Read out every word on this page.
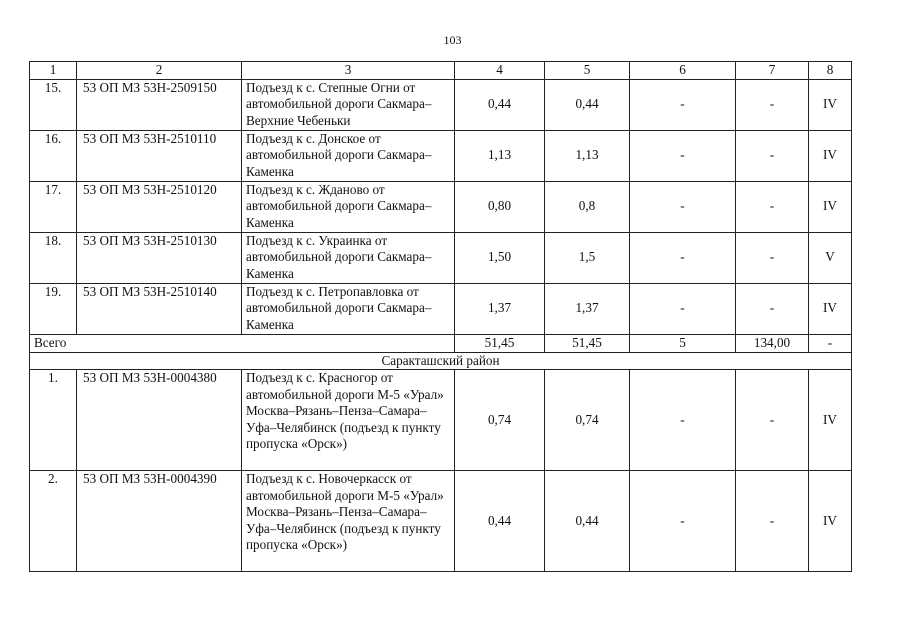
103
1	2	3	4	5	6	7	8
15.	53 ОП МЗ 53Н-2509150	Подъезд к с. Степные Огни от автомобильной дороги Сакмара–Верхние Чебеньки	0,44	0,44	-	-	IV
16.	53 ОП МЗ 53Н-2510110	Подъезд к с. Донское от автомобильной дороги Сакмара–Каменка	1,13	1,13	-	-	IV
17.	53 ОП МЗ 53Н-2510120	Подъезд к с. Жданово от автомобильной дороги Сакмара–Каменка	0,80	0,8	-	-	IV
18.	53 ОП МЗ 53Н-2510130	Подъезд к с. Украинка от автомобильной дороги Сакмара–Каменка	1,50	1,5	-	-	V
19.	53 ОП МЗ 53Н-2510140	Подъезд к с. Петропавловка от автомобильной дороги Сакмара–Каменка	1,37	1,37	-	-	IV
Всего			51,45	51,45	5	134,00	-
Саракташский район							
1.	53 ОП МЗ 53Н-0004380	Подъезд к с. Красногор от автомобильной дороги М-5 «Урал» Москва–Рязань–Пенза–Самара–Уфа–Челябинск (подъезд к пункту пропуска «Орск»)	0,74	0,74	-	-	IV
2.	53 ОП МЗ 53Н-0004390	Подъезд к с. Новочеркасск от автомобильной дороги М-5 «Урал» Москва–Рязань–Пенза–Самара–Уфа–Челябинск (подъезд к пункту пропуска «Орск»)	0,44	0,44	-	-	IV
